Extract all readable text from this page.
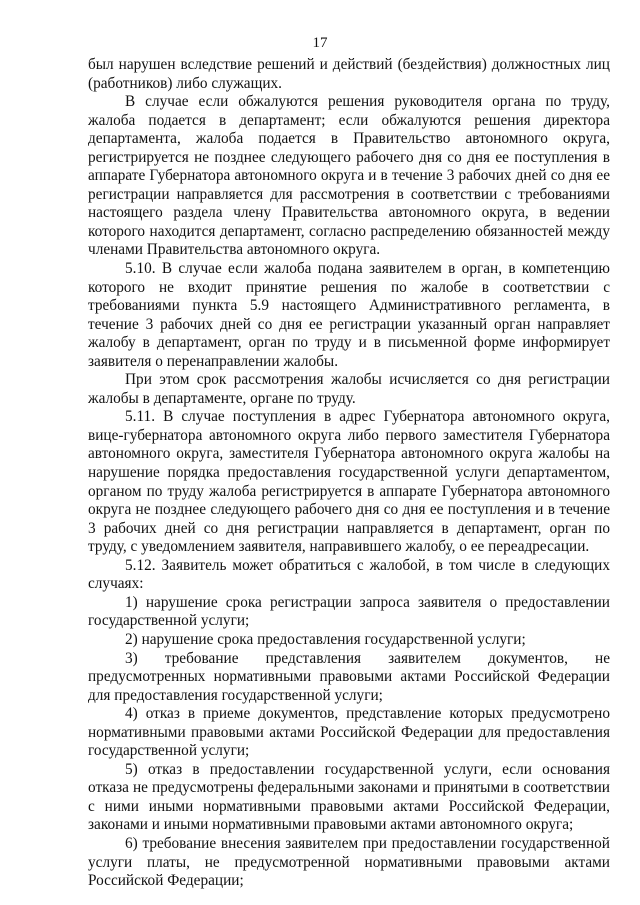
17

был нарушен вследствие решений и действий (бездействия) должностных лиц (работников) либо служащих.

В случае если обжалуются решения руководителя органа по труду, жалоба подается в департамент; если обжалуются решения директора департамента, жалоба подается в Правительство автономного округа, регистрируется не позднее следующего рабочего дня со дня ее поступления в аппарате Губернатора автономного округа и в течение 3 рабочих дней со дня ее регистрации направляется для рассмотрения в соответствии с требованиями настоящего раздела члену Правительства автономного округа, в ведении которого находится департамент, согласно распределению обязанностей между членами Правительства автономного округа.

5.10. В случае если жалоба подана заявителем в орган, в компетенцию которого не входит принятие решения по жалобе в соответствии с требованиями пункта 5.9 настоящего Административного регламента, в течение 3 рабочих дней со дня ее регистрации указанный орган направляет жалобу в департамент, орган по труду и в письменной форме информирует заявителя о перенаправлении жалобы.

При этом срок рассмотрения жалобы исчисляется со дня регистрации жалобы в департаменте, органе по труду.

5.11. В случае поступления в адрес Губернатора автономного округа, вице-губернатора автономного округа либо первого заместителя Губернатора автономного округа, заместителя Губернатора автономного округа жалобы на нарушение порядка предоставления государственной услуги департаментом, органом по труду жалоба регистрируется в аппарате Губернатора автономного округа не позднее следующего рабочего дня со дня ее поступления и в течение 3 рабочих дней со дня регистрации направляется в департамент, орган по труду, с уведомлением заявителя, направившего жалобу, о ее переадресации.

5.12. Заявитель может обратиться с жалобой, в том числе в следующих случаях:

1) нарушение срока регистрации запроса заявителя о предоставлении государственной услуги;

2) нарушение срока предоставления государственной услуги;

3) требование представления заявителем документов, не

предусмотренных нормативными правовыми актами Российской Федерации для предоставления государственной услуги;

4) отказ в приеме документов, представление которых предусмотрено нормативными правовыми актами Российской Федерации для предоставления государственной услуги;

5) отказ в предоставлении государственной услуги, если основания отказа не предусмотрены федеральными законами и принятыми в соответствии с ними иными нормативными правовыми актами Российской Федерации, законами и иными нормативными правовыми актами автономного округа;

6) требование внесения заявителем при предоставлении государственной услуги платы, не предусмотренной нормативными правовыми актами Российской Федерации;
